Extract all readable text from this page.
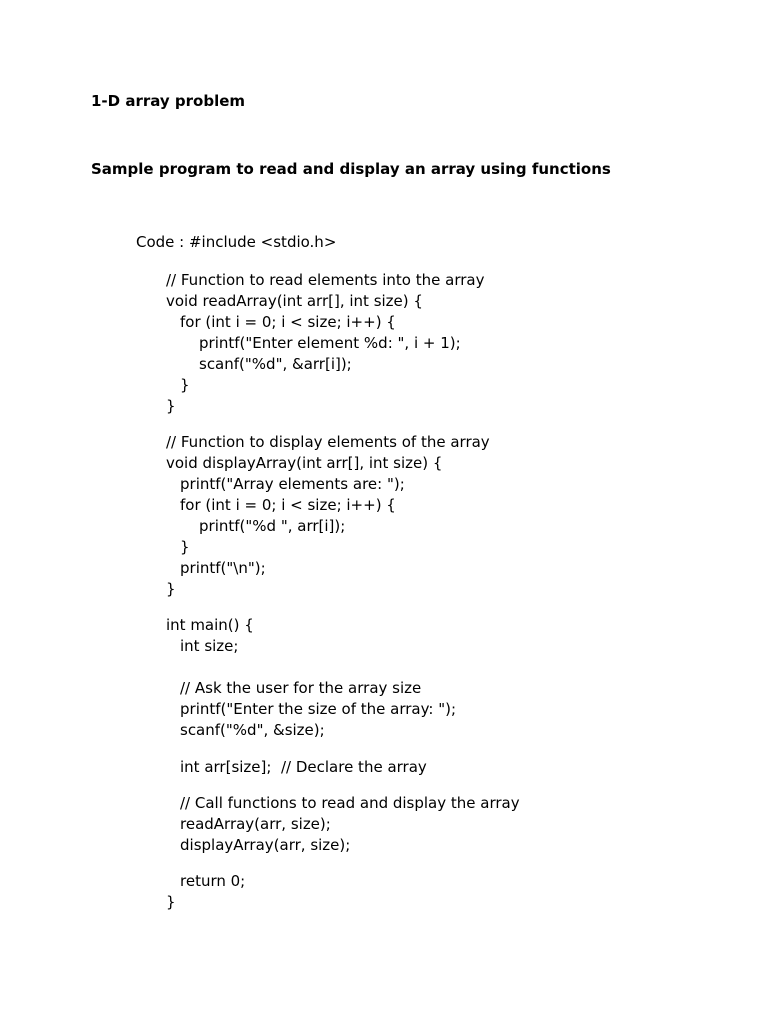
1-D array problem
Sample program to read and display an array using functions
Code : #include <stdio.h>
// Function to read elements into the array
void readArray(int arr[], int size) {
for (int i = 0; i < size; i++) {
printf("Enter element %d: ", i + 1);
scanf("%d", &arr[i]);
}
}
// Function to display elements of the array
void displayArray(int arr[], int size) {
printf("Array elements are: ");
for (int i = 0; i < size; i++) {
printf("%d ", arr[i]);
}
printf("\n");
}
int main() {
int size;
// Ask the user for the array size
printf("Enter the size of the array: ");
scanf("%d", &size);
int arr[size];  // Declare the array
// Call functions to read and display the array
readArray(arr, size);
displayArray(arr, size);
return 0;
}
